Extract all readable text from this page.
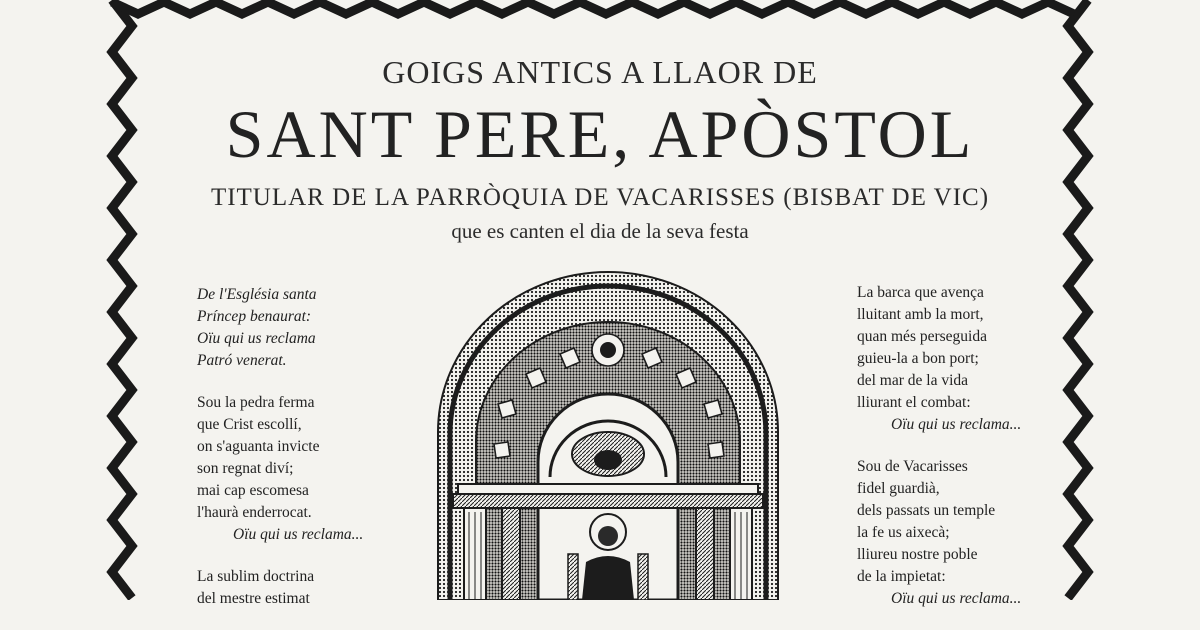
GOIGS ANTICS A LLAOR DE
SANT PERE, APÒSTOL
TITULAR DE LA PARRÒQUIA DE VACARISSES (BISBAT DE VIC)
que es canten el dia de la seva festa
De l'Església santa
Príncep benaurat:
Oïu qui us reclama
Patró venerat.
Sou la pedra ferma
que Crist escollí,
on s'aguanta invicte
son regnat diví;
mai cap escomesa
l'haurà enderrocat.
Oïu qui us reclama...
La sublim doctrina
del mestre estimat
La barca que avença
lluitant amb la mort,
quan més perseguida
guieu-la a bon port;
del mar de la vida
lliurant el combat:
Oïu qui us reclama...
Sou de Vacarisses
fidel guardià,
dels passats un temple
la fe us aixecà;
lliureu nostre poble
de la impietat:
Oïu qui us reclama...
